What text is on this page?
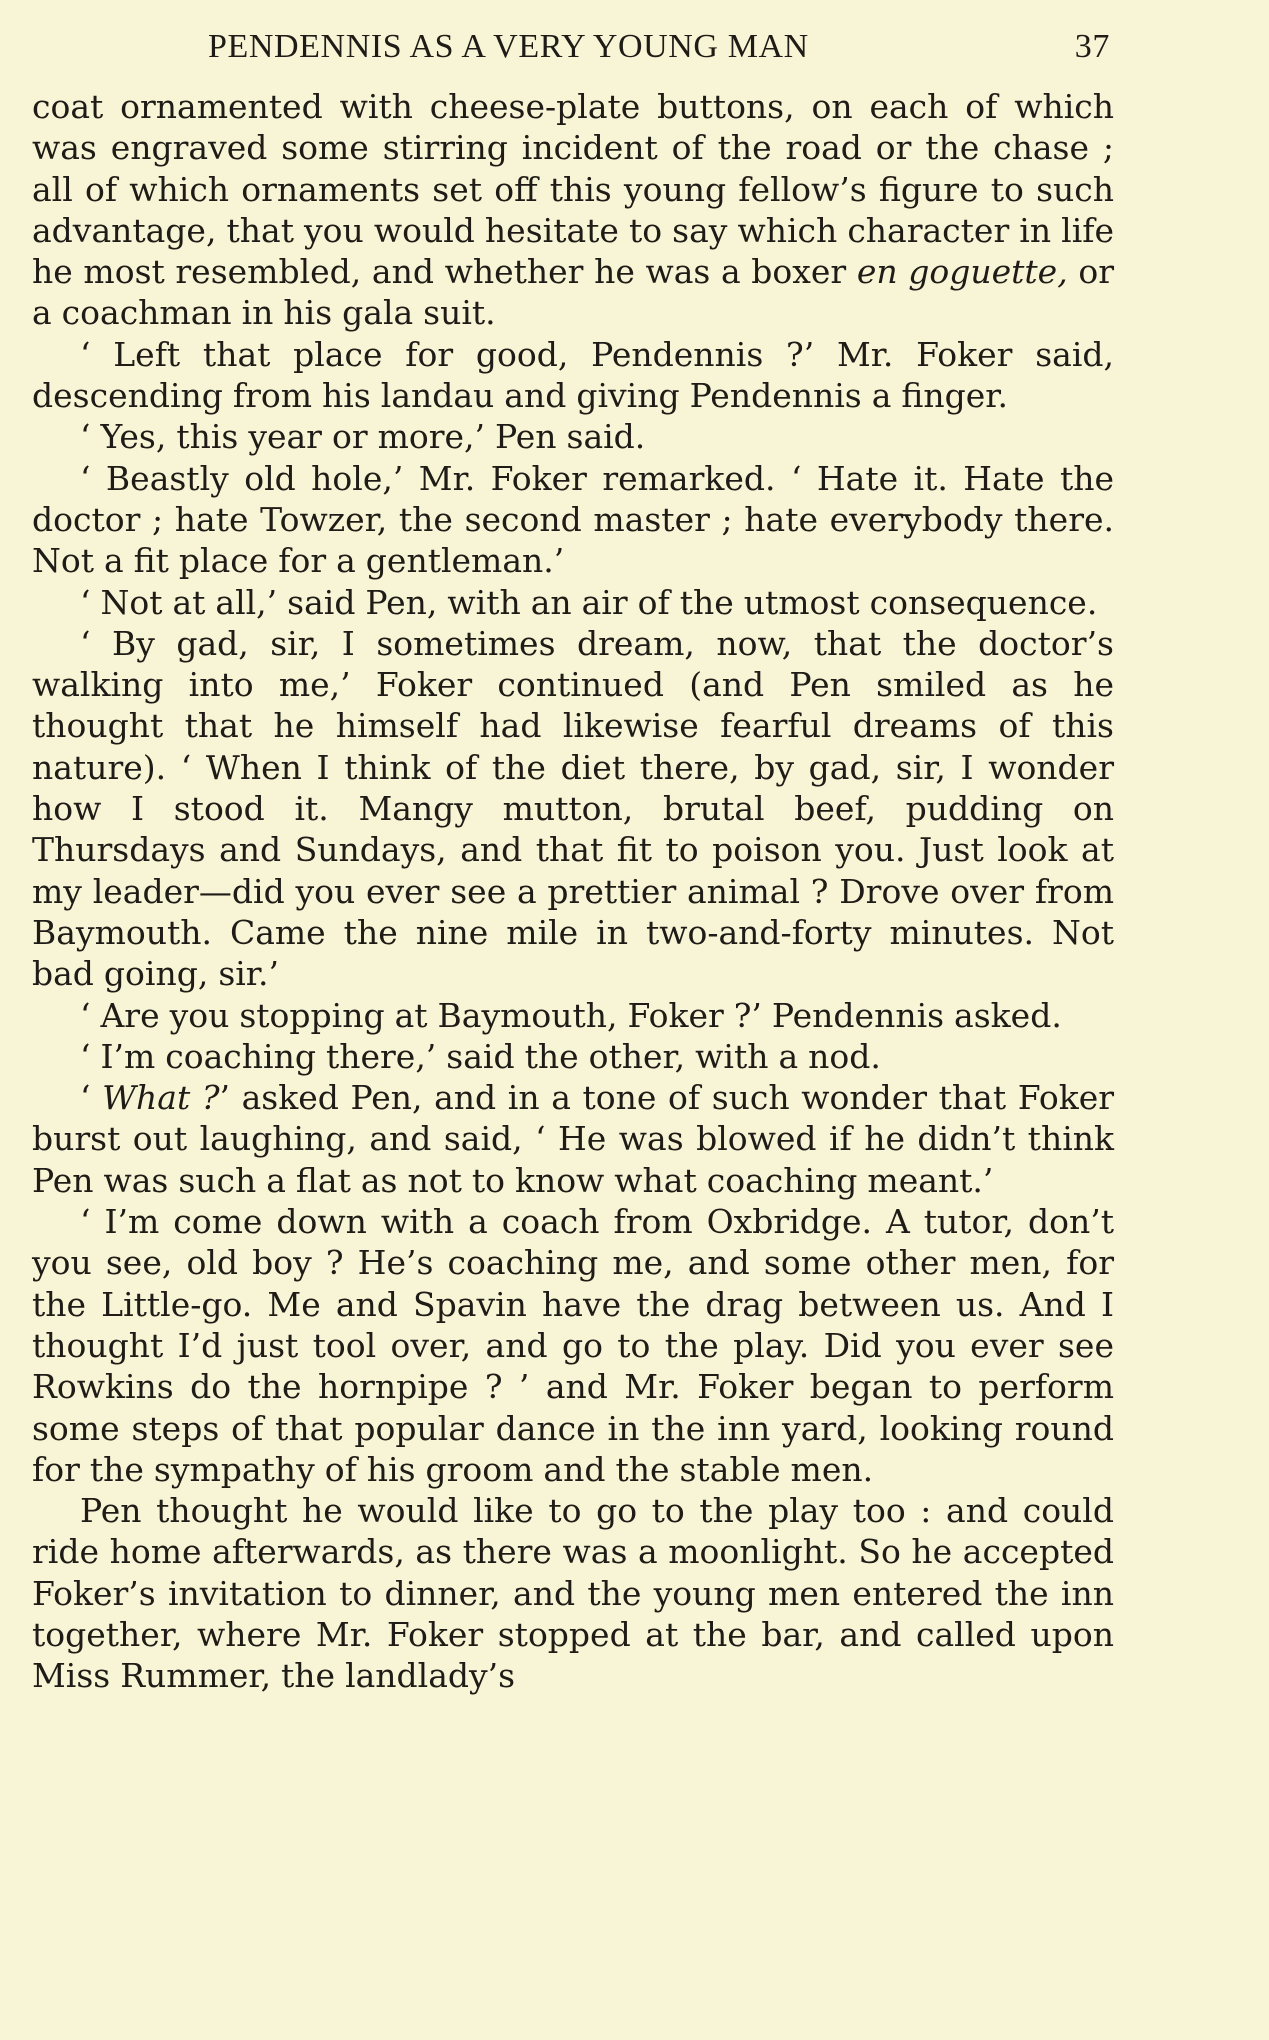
PENDENNIS AS A VERY YOUNG MAN	37

coat ornamented with cheese-plate buttons, on each of which was engraved some stirring incident of the road or the chase ; all of which ornaments set off this young fellow’s figure to such advantage, that you would hesitate to say which character in life he most resembled, and whether he was a boxer en goguette, or a coachman in his gala suit.

‘ Left that place for good, Pendennis ?’ Mr. Foker said, descending from his landau and giving Pendennis a finger.

‘ Yes, this year or more,’ Pen said.

‘ Beastly old hole,’ Mr. Foker remarked. ‘ Hate it. Hate the doctor ; hate Towzer, the second master ; hate everybody there. Not a fit place for a gentleman.’

‘ Not at all,’ said Pen, with an air of the utmost consequence.

‘ By gad, sir, I sometimes dream, now, that the doctor’s walking into me,’ Foker continued (and Pen smiled as he thought that he himself had likewise fearful dreams of this nature). ‘ When I think of the diet there, by gad, sir, I wonder how I stood it. Mangy mutton, brutal beef, pudding on Thursdays and Sundays, and that fit to poison you. Just look at my leader—did you ever see a prettier animal ? Drove over from Baymouth. Came the nine mile in two-and-forty minutes. Not bad going, sir.’

‘ Are you stopping at Baymouth, Foker ?’ Pendennis asked.

‘ I’m coaching there,’ said the other, with a nod.

‘ What ?’ asked Pen, and in a tone of such wonder that Foker burst out laughing, and said, ‘ He was blowed if he didn’t think Pen was such a flat as not to know what coaching meant.’

‘ I’m come down with a coach from Oxbridge. A tutor, don’t you see, old boy ? He’s coaching me, and some other men, for the Little-go. Me and Spavin have the drag between us. And I thought I’d just tool over, and go to the play. Did you ever see Rowkins do the hornpipe ? ’ and Mr. Foker began to perform some steps of that popular dance in the inn yard, looking round for the sympathy of his groom and the stable men.

Pen thought he would like to go to the play too : and could ride home afterwards, as there was a moonlight. So he accepted Foker’s invitation to dinner, and the young men entered the inn together, where Mr. Foker stopped at the bar, and called upon Miss Rummer, the landlady’s
